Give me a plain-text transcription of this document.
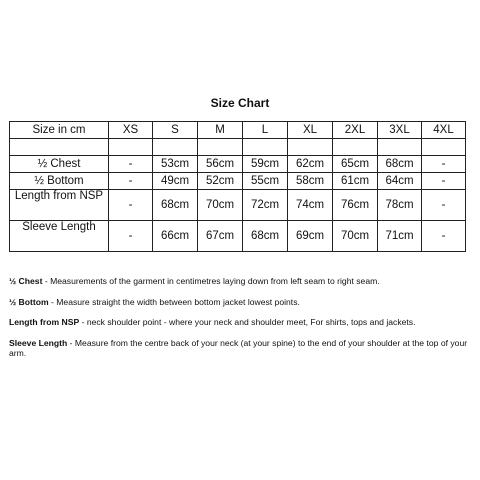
Size Chart
Size in cm	XS	S	M	L	XL	2XL	3XL	4XL

½ Chest	-	53cm	56cm	59cm	62cm	65cm	68cm	-
½ Bottom	-	49cm	52cm	55cm	58cm	61cm	64cm	-
Length from NSP	-	68cm	70cm	72cm	74cm	76cm	78cm	-
Sleeve Length	-	66cm	67cm	68cm	69cm	70cm	71cm	-

½ Chest - Measurements of the garment in centimetres laying down from left seam to right seam.

½ Bottom - Measure straight the width between bottom jacket lowest points.

Length from NSP - neck shoulder point - where your neck and shoulder meet, For shirts, tops and jackets.

Sleeve Length - Measure from the centre back of your neck (at your spine) to the end of your shoulder at the top of your arm.
